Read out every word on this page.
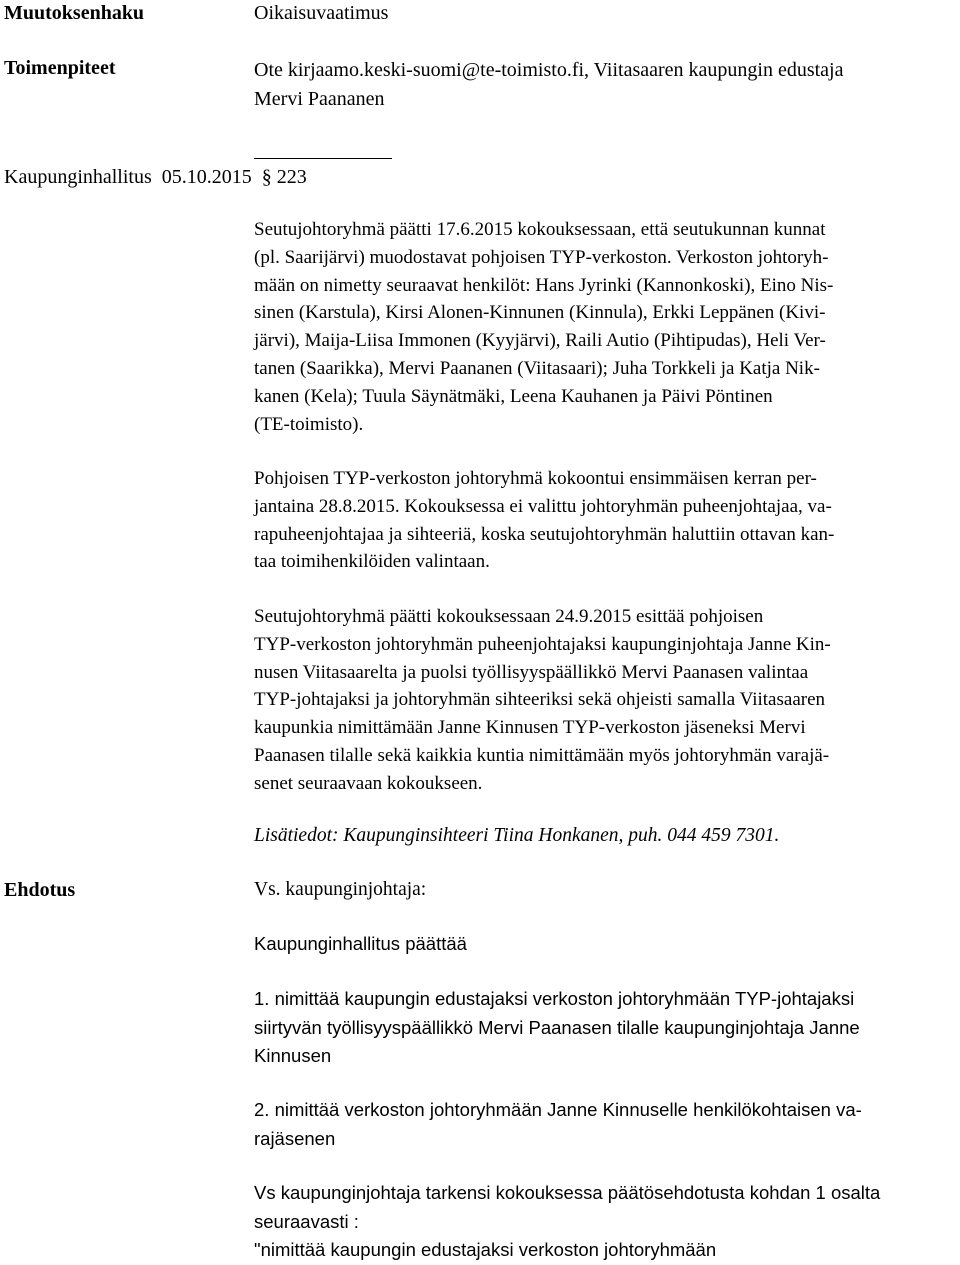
Muutoksenhaku	Oikaisuvaatimus
Toimenpiteet	Ote kirjaamo.keski-suomi@te-toimisto.fi, Viitasaaren kaupungin edustaja
Mervi Paananen
Kaupunginhallitus  05.10.2015  § 223
Seutujohtoryhmä päätti 17.6.2015 kokouksessaan, että seutukunnan kunnat
(pl. Saarijärvi) muodostavat pohjoisen TYP-verkoston. Verkoston johtoryh-
mään on nimetty seuraavat henkilöt: Hans Jyrinki (Kannonkoski), Eino Nis-
sinen (Karstula), Kirsi Alonen-Kinnunen (Kinnula), Erkki Leppänen (Kivi-
järvi), Maija-Liisa Immonen (Kyyjärvi), Raili Autio (Pihtipudas), Heli Ver-
tanen (Saarikka), Mervi Paananen (Viitasaari); Juha Torkkeli ja Katja Nik-
kanen (Kela); Tuula Säynätmäki, Leena Kauhanen ja Päivi Pöntinen
(TE-toimisto).
Pohjoisen TYP-verkoston johtoryhmä kokoontui ensimmäisen kerran per-
jantaina 28.8.2015. Kokouksessa ei valittu johtoryhmän puheenjohtajaa, va-
rapuheenjohtajaa ja sihteeriä, koska seutujohtoryhmän haluttiin ottavan kan-
taa toimihenkilöiden valintaan.
Seutujohtoryhmä päätti kokouksessaan 24.9.2015 esittää pohjoisen
TYP-verkoston johtoryhmän puheenjohtajaksi kaupunginjohtaja Janne Kin-
nusen Viitasaarelta ja puolsi työllisyyspäällikkö Mervi Paanasen valintaa
TYP-johtajaksi ja johtoryhmän sihteeriksi sekä ohjeisti samalla Viitasaaren
kaupunkia nimittämään Janne Kinnusen TYP-verkoston jäseneksi Mervi
Paanasen tilalle sekä kaikkia kuntia nimittämään myös johtoryhmän varajä-
senet seuraavaan kokoukseen.
Lisätiedot: Kaupunginsihteeri Tiina Honkanen, puh. 044 459 7301.
Ehdotus	Vs. kaupunginjohtaja:
Kaupunginhallitus päättää
1. nimittää kaupungin edustajaksi verkoston johtoryhmään TYP-johtajaksi
siirtyvän työllisyyspäällikkö Mervi Paanasen tilalle kaupunginjohtaja Janne
Kinnusen
2. nimittää verkoston johtoryhmään Janne Kinnuselle henkilökohtaisen va-
rajäsenen
Vs kaupunginjohtaja tarkensi kokouksessa päätösehdotusta kohdan 1 osalta
seuraavasti :
"nimittää kaupungin edustajaksi verkoston johtoryhmään
